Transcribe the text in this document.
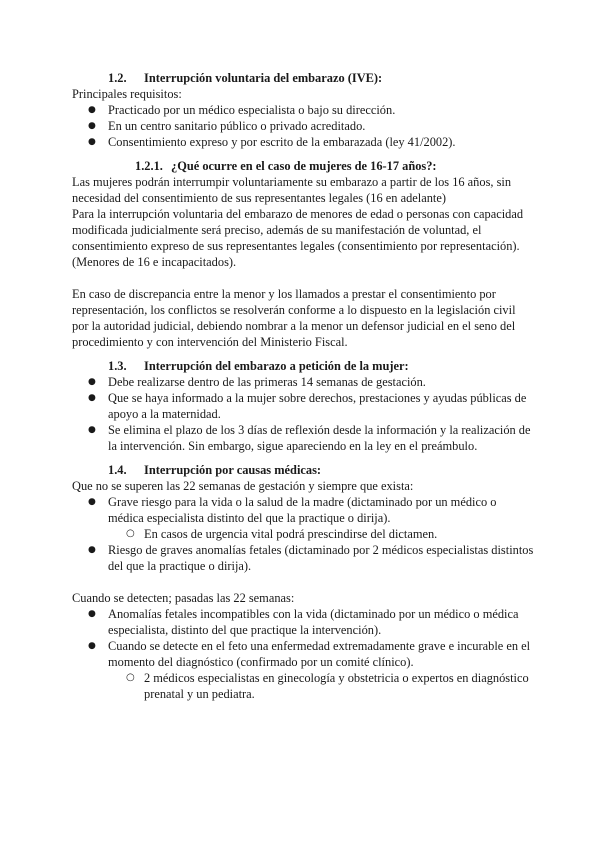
1.2. Interrupción voluntaria del embarazo (IVE):

Principales requisitos:

● Practicado por un médico especialista o bajo su dirección.
● En un centro sanitario público o privado acreditado.
● Consentimiento expreso y por escrito de la embarazada (ley 41/2002).

1.2.1. ¿Qué ocurre en el caso de mujeres de 16-17 años?:

Las mujeres podrán interrumpir voluntariamente su embarazo a partir de los 16 años, sin necesidad del consentimiento de sus representantes legales (16 en adelante)

Para la interrupción voluntaria del embarazo de menores de edad o personas con capacidad modificada judicialmente será preciso, además de su manifestación de voluntad, el consentimiento expreso de sus representantes legales (consentimiento por representación). (Menores de 16 e incapacitados).

En caso de discrepancia entre la menor y los llamados a prestar el consentimiento por representación, los conflictos se resolverán conforme a lo dispuesto en la legislación civil por la autoridad judicial, debiendo nombrar a la menor un defensor judicial en el seno del procedimiento y con intervención del Ministerio Fiscal.

1.3. Interrupción del embarazo a petición de la mujer:

● Debe realizarse dentro de las primeras 14 semanas de gestación.
● Que se haya informado a la mujer sobre derechos, prestaciones y ayudas públicas de apoyo a la maternidad.
● Se elimina el plazo de los 3 días de reflexión desde la información y la realización de la intervención. Sin embargo, sigue apareciendo en la ley en el preámbulo.

1.4. Interrupción por causas médicas:

Que no se superen las 22 semanas de gestación y siempre que exista:

● Grave riesgo para la vida o la salud de la madre (dictaminado por un médico o médica especialista distinto del que la practique o dirija).
○ En casos de urgencia vital podrá prescindirse del dictamen.
● Riesgo de graves anomalías fetales (dictaminado por 2 médicos especialistas distintos del que la practique o dirija).

Cuando se detecten; pasadas las 22 semanas:

● Anomalías fetales incompatibles con la vida (dictaminado por un médico o médica especialista, distinto del que practique la intervención).
● Cuando se detecte en el feto una enfermedad extremadamente grave e incurable en el momento del diagnóstico (confirmado por un comité clínico).
○ 2 médicos especialistas en ginecología y obstetricia o expertos en diagnóstico prenatal y un pediatra.
